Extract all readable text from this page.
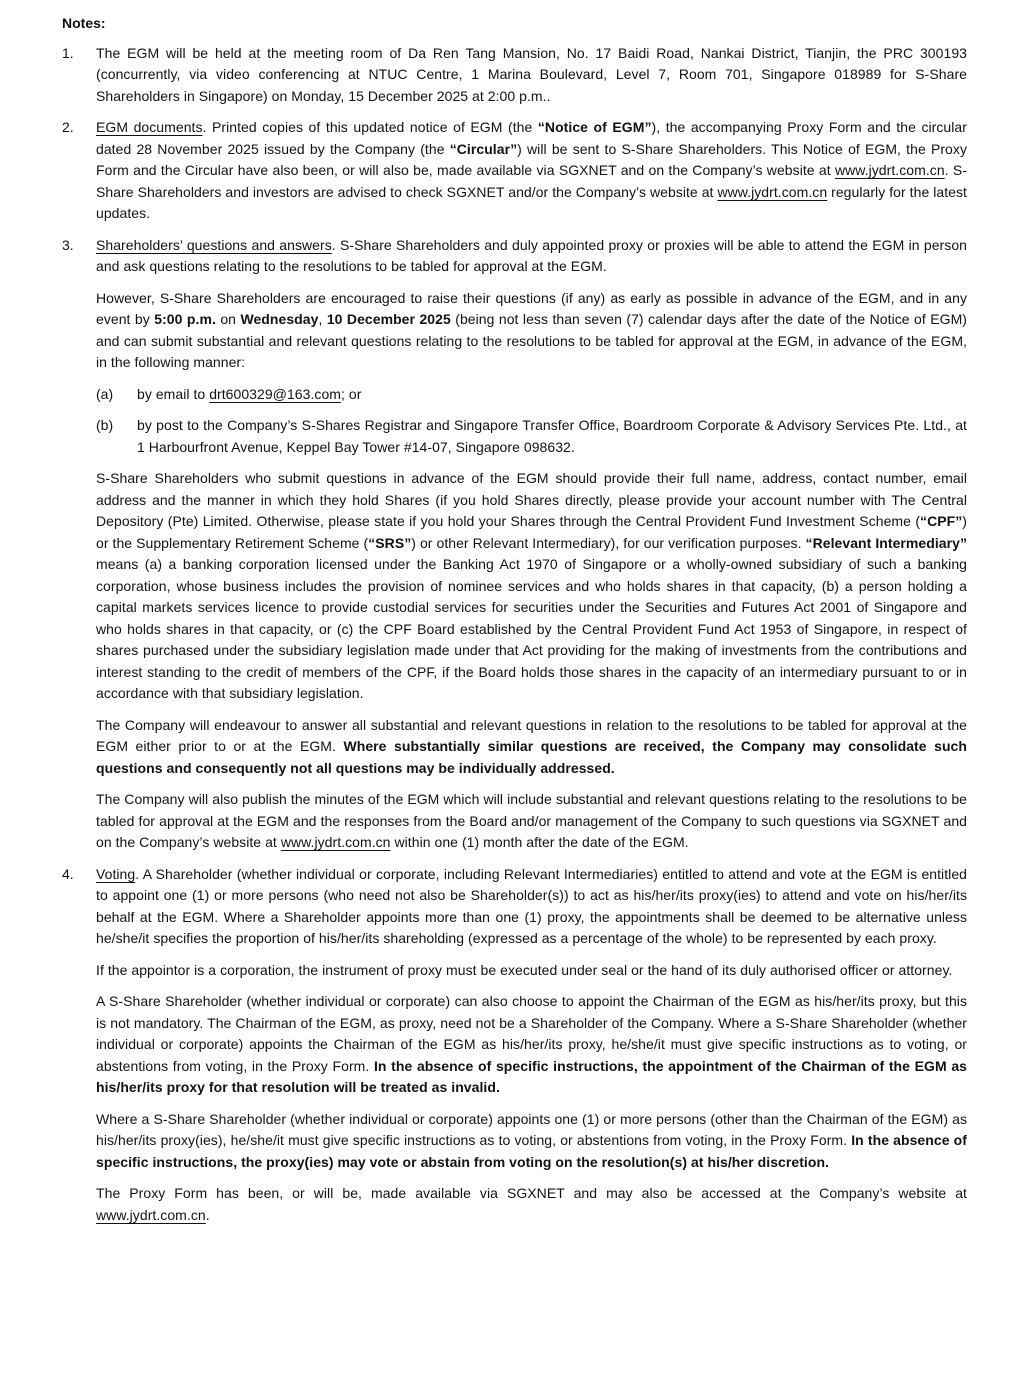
Notes:

1.	The EGM will be held at the meeting room of Da Ren Tang Mansion, No. 17 Baidi Road, Nankai District, Tianjin, the PRC 300193 (concurrently, via video conferencing at NTUC Centre, 1 Marina Boulevard, Level 7, Room 701, Singapore 018989 for S-Share Shareholders in Singapore) on Monday, 15 December 2025 at 2:00 p.m..

2.	EGM documents. Printed copies of this updated notice of EGM (the “Notice of EGM”), the accompanying Proxy Form and the circular dated 28 November 2025 issued by the Company (the “Circular”) will be sent to S-Share Shareholders. This Notice of EGM, the Proxy Form and the Circular have also been, or will also be, made available via SGXNET and on the Company’s website at www.jydrt.com.cn. S-Share Shareholders and investors are advised to check SGXNET and/or the Company’s website at www.jydrt.com.cn regularly for the latest updates.

3.	Shareholders’ questions and answers. S-Share Shareholders and duly appointed proxy or proxies will be able to attend the EGM in person and ask questions relating to the resolutions to be tabled for approval at the EGM.

However, S-Share Shareholders are encouraged to raise their questions (if any) as early as possible in advance of the EGM, and in any event by 5:00 p.m. on Wednesday, 10 December 2025 (being not less than seven (7) calendar days after the date of the Notice of EGM) and can submit substantial and relevant questions relating to the resolutions to be tabled for approval at the EGM, in advance of the EGM, in the following manner:

(a)	by email to drt600329@163.com; or

(b)	by post to the Company’s S-Shares Registrar and Singapore Transfer Office, Boardroom Corporate & Advisory Services Pte. Ltd., at 1 Harbourfront Avenue, Keppel Bay Tower #14-07, Singapore 098632.

S-Share Shareholders who submit questions in advance of the EGM should provide their full name, address, contact number, email address and the manner in which they hold Shares (if you hold Shares directly, please provide your account number with The Central Depository (Pte) Limited. Otherwise, please state if you hold your Shares through the Central Provident Fund Investment Scheme (“CPF”) or the Supplementary Retirement Scheme (“SRS”) or other Relevant Intermediary), for our verification purposes. “Relevant Intermediary” means (a) a banking corporation licensed under the Banking Act 1970 of Singapore or a wholly-owned subsidiary of such a banking corporation, whose business includes the provision of nominee services and who holds shares in that capacity, (b) a person holding a capital markets services licence to provide custodial services for securities under the Securities and Futures Act 2001 of Singapore and who holds shares in that capacity, or (c) the CPF Board established by the Central Provident Fund Act 1953 of Singapore, in respect of shares purchased under the subsidiary legislation made under that Act providing for the making of investments from the contributions and interest standing to the credit of members of the CPF, if the Board holds those shares in the capacity of an intermediary pursuant to or in accordance with that subsidiary legislation.

The Company will endeavour to answer all substantial and relevant questions in relation to the resolutions to be tabled for approval at the EGM either prior to or at the EGM. Where substantially similar questions are received, the Company may consolidate such questions and consequently not all questions may be individually addressed.

The Company will also publish the minutes of the EGM which will include substantial and relevant questions relating to the resolutions to be tabled for approval at the EGM and the responses from the Board and/or management of the Company to such questions via SGXNET and on the Company’s website at www.jydrt.com.cn within one (1) month after the date of the EGM.

4.	Voting. A Shareholder (whether individual or corporate, including Relevant Intermediaries) entitled to attend and vote at the EGM is entitled to appoint one (1) or more persons (who need not also be Shareholder(s)) to act as his/her/its proxy(ies) to attend and vote on his/her/its behalf at the EGM. Where a Shareholder appoints more than one (1) proxy, the appointments shall be deemed to be alternative unless he/she/it specifies the proportion of his/her/its shareholding (expressed as a percentage of the whole) to be represented by each proxy.

If the appointor is a corporation, the instrument of proxy must be executed under seal or the hand of its duly authorised officer or attorney.

A S-Share Shareholder (whether individual or corporate) can also choose to appoint the Chairman of the EGM as his/her/its proxy, but this is not mandatory. The Chairman of the EGM, as proxy, need not be a Shareholder of the Company. Where a S-Share Shareholder (whether individual or corporate) appoints the Chairman of the EGM as his/her/its proxy, he/she/it must give specific instructions as to voting, or abstentions from voting, in the Proxy Form. In the absence of specific instructions, the appointment of the Chairman of the EGM as his/her/its proxy for that resolution will be treated as invalid.

Where a S-Share Shareholder (whether individual or corporate) appoints one (1) or more persons (other than the Chairman of the EGM) as his/her/its proxy(ies), he/she/it must give specific instructions as to voting, or abstentions from voting, in the Proxy Form. In the absence of specific instructions, the proxy(ies) may vote or abstain from voting on the resolution(s) at his/her discretion.

The Proxy Form has been, or will be, made available via SGXNET and may also be accessed at the Company’s website at www.jydrt.com.cn.
